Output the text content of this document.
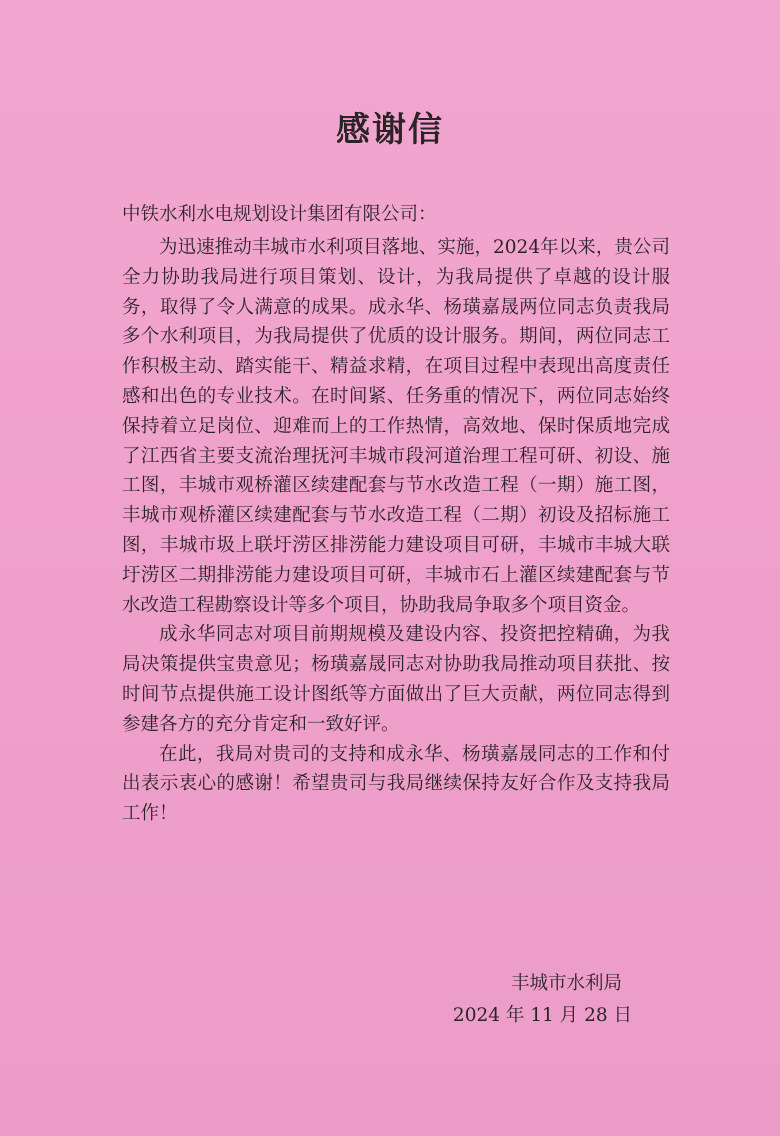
感谢信
中铁水利水电规划设计集团有限公司：

为迅速推动丰城市水利项目落地、实施，2024年以来，贵公司全力协助我局进行项目策划、设计，为我局提供了卓越的设计服务，取得了令人满意的成果。成永华、杨璜嘉晟两位同志负责我局多个水利项目，为我局提供了优质的设计服务。期间，两位同志工作积极主动、踏实能干、精益求精，在项目过程中表现出高度责任感和出色的专业技术。在时间紧、任务重的情况下，两位同志始终保持着立足岗位、迎难而上的工作热情，高效地、保时保质地完成了江西省主要支流治理抚河丰城市段河道治理工程可研、初设、施工图，丰城市观桥灌区续建配套与节水改造工程（一期）施工图，丰城市观桥灌区续建配套与节水改造工程（二期）初设及招标施工图，丰城市圾上联圩涝区排涝能力建设项目可研，丰城市丰城大联圩涝区二期排涝能力建设项目可研，丰城市石上灌区续建配套与节水改造工程勘察设计等多个项目，协助我局争取多个项目资金。

成永华同志对项目前期规模及建设内容、投资把控精确，为我局决策提供宝贵意见；杨璜嘉晟同志对协助我局推动项目获批、按时间节点提供施工设计图纸等方面做出了巨大贡献，两位同志得到参建各方的充分肯定和一致好评。

在此，我局对贵司的支持和成永华、杨璜嘉晟同志的工作和付出表示衷心的感谢！希望贵司与我局继续保持友好合作及支持我局工作！

丰城市水利局
2024 年 11 月 28 日
